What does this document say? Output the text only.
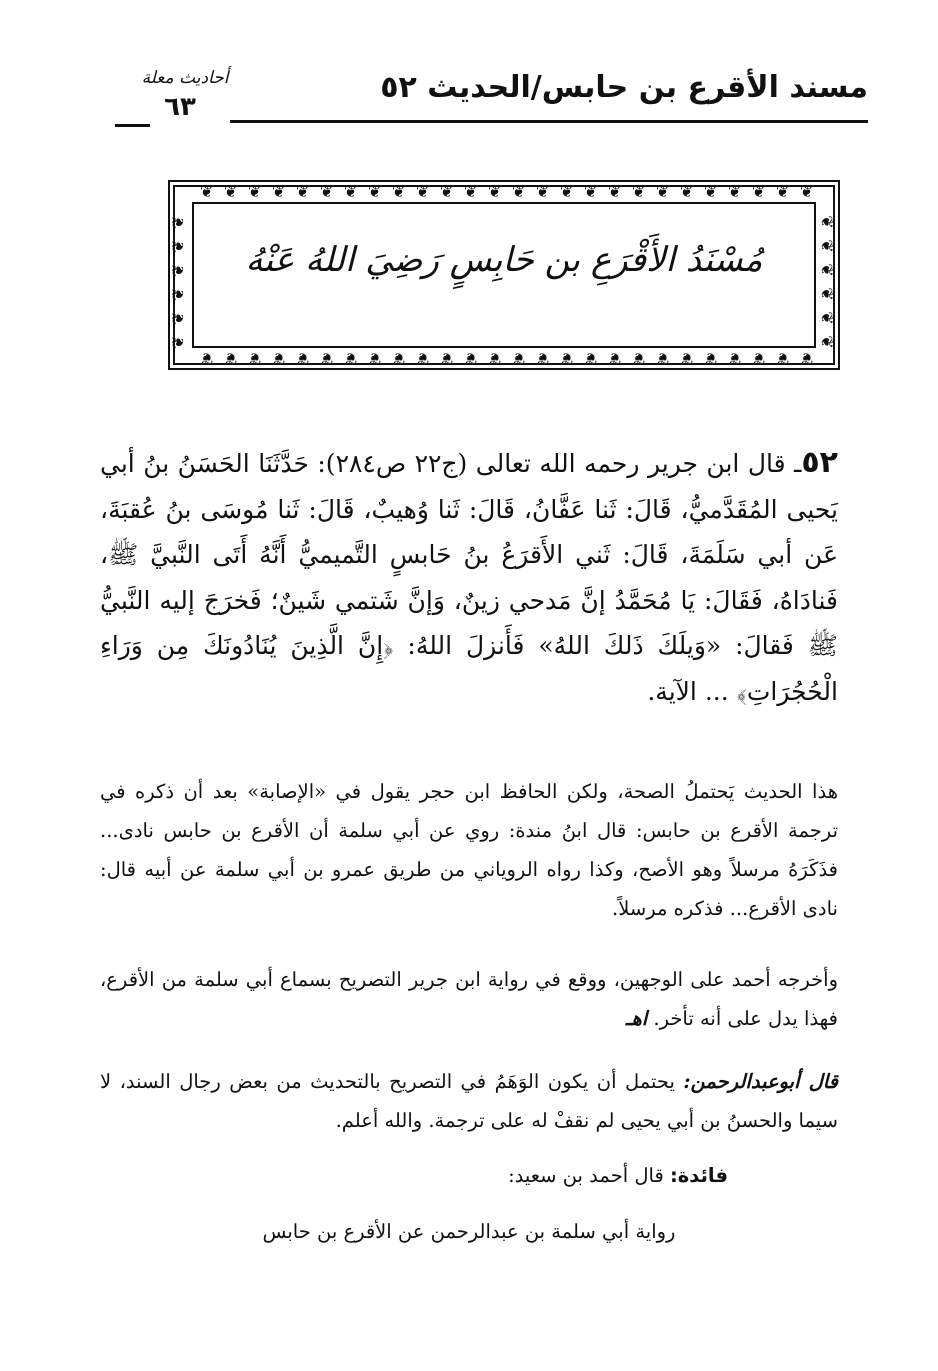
مسند الأقرع بن حابس/الحديث ٥٢
أحاديث معلة
٦٣
❦
❦
❦
❦
❦
❦
❦
❦
❦
❦
❦
❦
❦
❦
❦
❦
❦
❦
❦
❦
❦
❦
❦
❦
❦
❦
❦
❦
❦
❦
❦
❦
❦
❦
❦
❦
❦
❦
❦
❦
❦
❦
❦
❦
❦
❦
❦
❦
❦
❦
❦
❦
❦	❦
❦	❦
❦	❦
❦	❦
❦	❦
❦	❦
مُسْنَدُ الأَقْرَعِ بن حَابِسٍ رَضِيَ اللهُ عَنْهُ
٥٢ـ قال ابن جرير رحمه الله تعالى (ج٢٢ ص٢٨٤): حَدَّثَنَا الحَسَنُ بنُ أبي يَحيى المُقَدَّميُّ، قَالَ: ثَنا عَفَّانُ، قَالَ: ثَنا وُهيبٌ، قَالَ: ثَنا مُوسَى بنُ عُقبَةَ، عَن أبي سَلَمَةَ، قَالَ: ثَني الأَقرَعُ بنُ حَابسٍ التَّميميُّ أَنَّهُ أَتَى النَّبيَّ ﷺ، فَنادَاهُ، فَقَالَ: يَا مُحَمَّدُ إنَّ مَدحي زينٌ، وَإنَّ شَتمي شَينٌ؛ فَخرَجَ إليه النَّبيُّ ﷺ فَقالَ: «وَيلَكَ ذَلكَ اللهُ» فَأَنزلَ اللهُ: ﴿إِنَّ الَّذِينَ يُنَادُونَكَ مِن وَرَاءِ الْحُجُرَاتِ﴾ ... الآية.
هذا الحديث يَحتملُ الصحة، ولكن الحافظ ابن حجر يقول في «الإصابة» بعد أن ذكره في ترجمة الأقرع بن حابس: قال ابنُ مندة: روي عن أبي سلمة أن الأقرع بن حابس نادى... فذَكَرَهُ مرسلاً وهو الأصح، وكذا رواه الروياني من طريق عمرو بن أبي سلمة عن أبيه قال: نادى الأقرع... فذكره مرسلاً.
وأخرجه أحمد على الوجهين، ووقع في رواية ابن جرير التصريح بسماع أبي سلمة من الأقرع، فهذا يدل على أنه تأخر. اهـ
قال أبوعبدالرحمن: يحتمل أن يكون الوَهَمُ في التصريح بالتحديث من بعض رجال السند، لا سيما والحسنُ بن أبي يحيى لم نقفْ له على ترجمة. والله أعلم.
فائدة: قال أحمد بن سعيد:
رواية أبي سلمة بن عبدالرحمن عن الأقرع بن حابس
